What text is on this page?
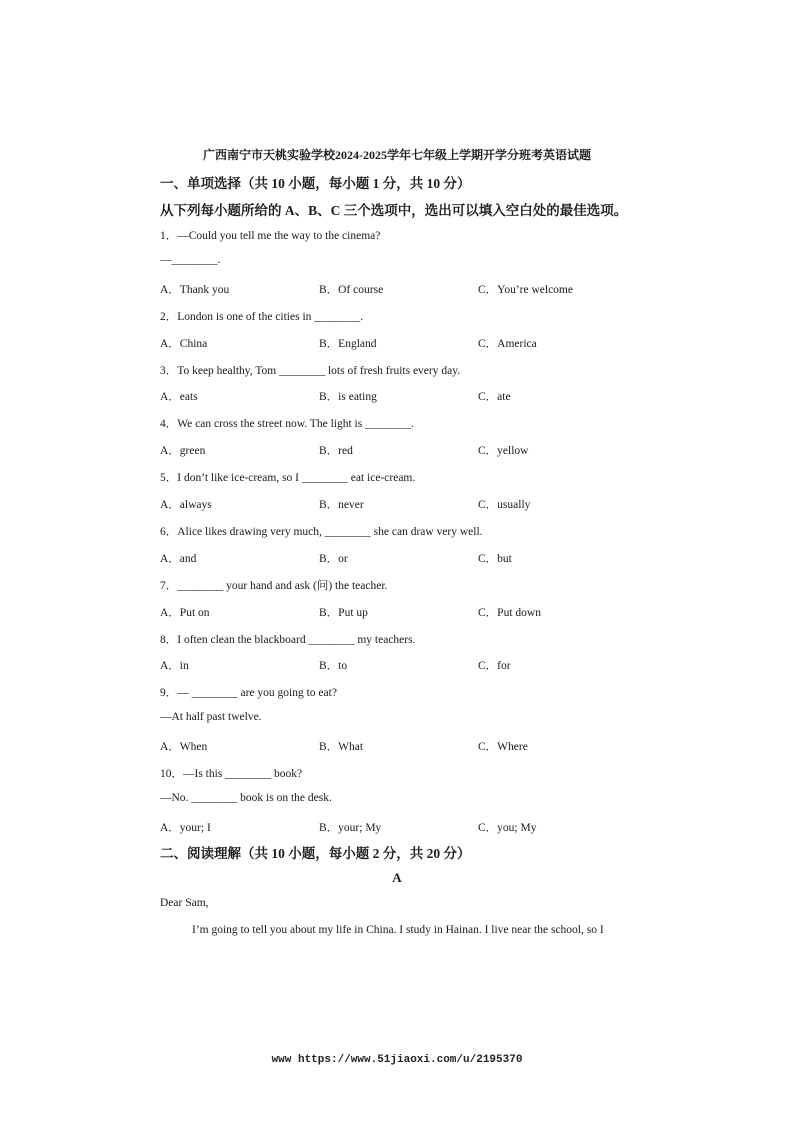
广西南宁市天桃实验学校2024-2025学年七年级上学期开学分班考英语试题
一、单项选择（共 10 小题，每小题 1 分，共 10 分）
从下列每小题所给的 A、B、C 三个选项中，选出可以填入空白处的最佳选项。
1．—Could you tell me the way to the cinema?
—________.
A．Thank you	B．Of course	C．You’re welcome
2．London is one of the cities in ________.
A．China	B．England	C．America
3．To keep healthy, Tom ________ lots of fresh fruits every day.
A．eats	B．is eating	C．ate
4．We can cross the street now. The light is ________.
A．green	B．red	C．yellow
5．I don’t like ice-cream, so I ________ eat ice-cream.
A．always	B．never	C．usually
6．Alice likes drawing very much, ________ she can draw very well.
A．and	B．or	C．but
7．________ your hand and ask (问) the teacher.
A．Put on	B．Put up	C．Put down
8．I often clean the blackboard ________ my teachers.
A．in	B．to	C．for
9．— ________ are you going to eat?
—At half past twelve.
A．When	B．What	C．Where
10．—Is this ________ book?
—No. ________ book is on the desk.
A．your; I	B．your; My	C．you; My
二、阅读理解（共 10 小题，每小题 2 分，共 20 分）
A
Dear Sam,
I’m going to tell you about my life in China. I study in Hainan. I live near the school, so I
www https://www.51jiaoxi.com/u/2195370
